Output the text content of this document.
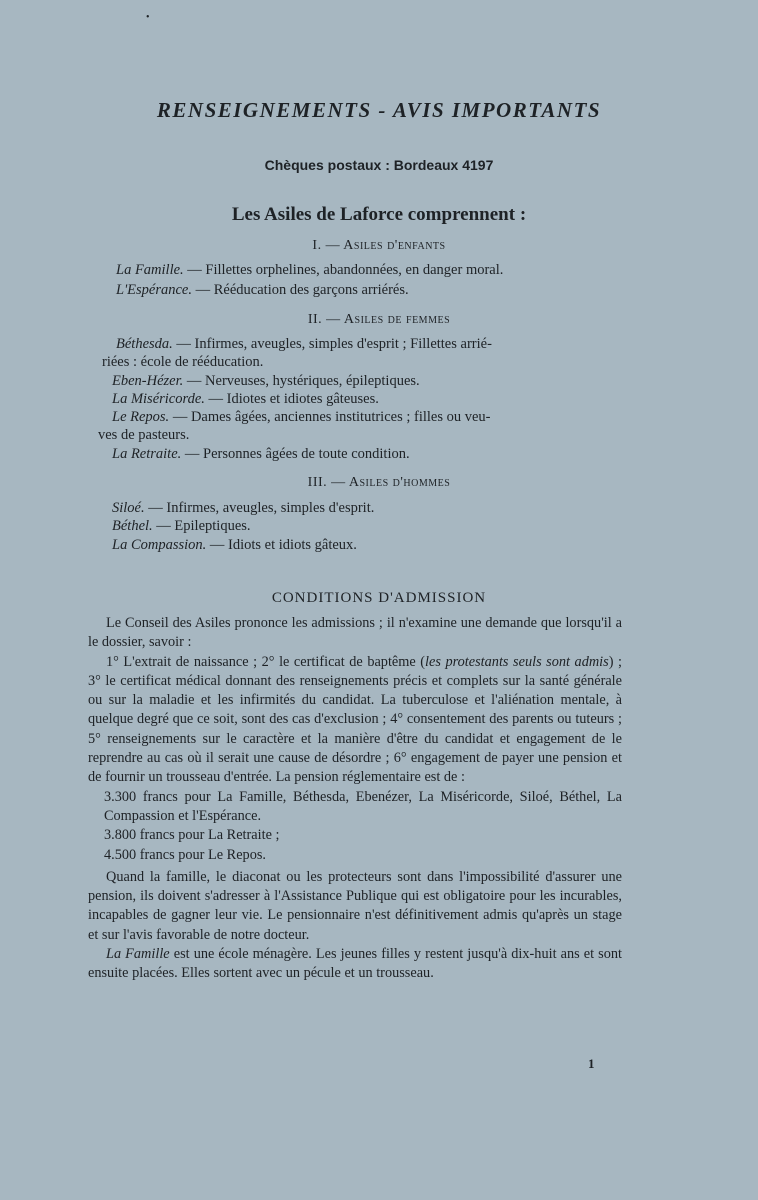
•
RENSEIGNEMENTS - AVIS IMPORTANTS
Chèques postaux : Bordeaux 4197
Les Asiles de Laforce comprennent :
I. — Asiles d'enfants
La Famille. — Fillettes orphelines, abandonnées, en danger moral.
L'Espérance. — Rééducation des garçons arriérés.
II. — Asiles de femmes
Béthesda. — Infirmes, aveugles, simples d'esprit ; Fillettes arrié-
riées : école de rééducation.
Eben-Hézer. — Nerveuses, hystériques, épileptiques.
La Miséricorde. — Idiotes et idiotes gâteuses.
Le Repos. — Dames âgées, anciennes institutrices ; filles ou veu-
ves de pasteurs.
La Retraite. — Personnes âgées de toute condition.
III. — Asiles d'hommes
Siloé. — Infirmes, aveugles, simples d'esprit.
Béthel. — Epileptiques.
La Compassion. — Idiots et idiots gâteux.
CONDITIONS D'ADMISSION

Le Conseil des Asiles prononce les admissions ; il n'examine une demande que lorsqu'il a le dossier, savoir :

1° L'extrait de naissance ; 2° le certificat de baptême (les protestants seuls sont admis) ; 3° le certificat médical donnant des renseignements précis et complets sur la santé générale ou sur la maladie et les infirmités du candidat. La tuberculose et l'aliénation mentale, à quelque degré que ce soit, sont des cas d'exclusion ; 4° consentement des parents ou tuteurs ; 5° renseignements sur le caractère et la manière d'être du candidat et engagement de le reprendre au cas où il serait une cause de désordre ; 6° engagement de payer une pension et de fournir un trousseau d'entrée. La pension réglementaire est de :

3.300 francs pour La Famille, Béthesda, Ebenézer, La Miséricorde, Siloé, Béthel, La Compassion et l'Espérance.

3.800 francs pour La Retraite ;

4.500 francs pour Le Repos.

Quand la famille, le diaconat ou les protecteurs sont dans l'impossibilité d'assurer une pension, ils doivent s'adresser à l'Assistance Publique qui est obligatoire pour les incurables, incapables de gagner leur vie. Le pensionnaire n'est définitivement admis qu'après un stage et sur l'avis favorable de notre docteur.

La Famille est une école ménagère. Les jeunes filles y restent jusqu'à dix-huit ans et sont ensuite placées. Elles sortent avec un pécule et un trousseau.

1
